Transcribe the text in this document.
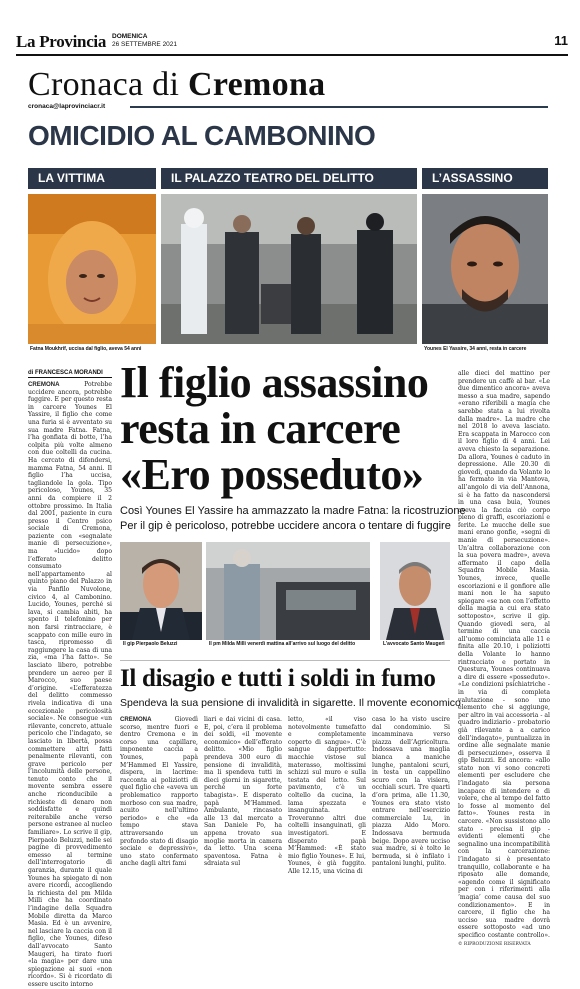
La Provincia DOMENICA
26 SETTEMBRE 2021	11
Cronaca di Cremona
cronaca@laprovinciacr.it
OMICIDIO AL CAMBONINO
LA VITTIMA	IL PALAZZO TEATRO DEL DELITTO	L’ASSASSINO
Fatna Moukhrif, uccisa dal figlio, aveva 54 anni	Younes El Yassire, 34 anni, resta in carcere
di FRANCESCA MORANDI
CREMONA	Potrebbe uccidere ancora, potrebbe fuggire. E per questo resta in carcere Younes El Yassire, il figlio che come una furia si è avventato su sua madre Fatna. Fatna, l’ha gonfiata di botte, l’ha colpita più volte almeno con due coltelli da cucina. Ha cercato di difendersi, mamma Fatna, 54 anni. Il figlio l’ha uccisa, tagliandole la gola. Tipo pericoloso, Younes, 35 anni da compiere il 2 ottobre prossimo. In Italia dal 2001, paziente in cura presso il Centro psico sociale di Cremona, paziente con «segnalate manie di persecuzione», ma «lucido» dopo l’efferato delitto consumato nell’appartamento al quinto piano del Palazzo in via Panfilo Nuvolone, civico 4, al Cambonino. Lucido, Younes, perché si lava, si cambia abiti, ha spento il telefonino per non farsi rintracciare, è scappato con mille euro in tasca, ripromesso di raggiungere la casa di una zia, «ma l’ha fatto». Se lasciato libero, potrebbe prendere un aereo per il Marocco, suo paese d’origine. «L’efferatezza del delitto commesso rivela indicativa di una eccezionale pericolosità sociale». Ne consegue «un rilevante, concreto, attuale pericolo che l’indagato, se lasciato in libertà, possa commettere altri fatti penalmente rilevanti, con grave pericolo per l’incolumità delle persone, tenuto conto che il movente sembra essere anche riconducibile a richieste di denaro non soddisfatte e quindi reiterabile anche verso persone estranee al nucleo familiare». Lo scrive il gip, Pierpaolo Beluzzi, nelle sei pagine di provvedimento emesso al termine dell’interrogatorio di garanzia, durante il quale Younes ha spiegato di non avere ricordi, accogliendo la richiesta del pm Milda Milli che ha coordinato l’indagine della Squadra Mobile diretta da Marco Masia. Ed è un avvenire, nel lasciare la caccia con il figlio, che Younes, difeso dall’avvocato Santo Maugeri, ha tirato fuori «la magia» per dare una spiegazione ai suoi «non ricordo». Si è ricordato di essere uscito intorno
Il figlio assassino
resta in carcere
«Ero posseduto»
Così Younes El Yassire ha ammazzato la madre Fatna: la ricostruzione
Per il gip è pericoloso, potrebbe uccidere ancora o tentare di fuggire
Il gip Pierpaolo Beluzzi	Il pm Milda Milli venerdì mattina all’arrivo sul luogo del delitto	L’avvocato Santo Maugeri
alle dieci del mattino per prendere un caffè al bar. «Le due dimentico ancora» aveva messo a sua madre, sapendo «erano riferibili a magia che sarebbe stata a lui rivolta dalla madre». La madre che nel 2018 lo aveva lasciato. Era scappata in Marocco con il loro figlio di 4 anni. Lei aveva chiesto la separazione. Da allora, Younes è caduto in depressione. Alle 20.30 di giovedì, quando da Volante lo ha fermato in via Mantova, all’angolo di via dell’Annona, si è ha fatto da nascondersi in una casa buia, Younes aveva la faccia ciò corpo pieno di graffi, escoriazioni e ferite. Le mucche delle sue mani erano gonfie, «segni di manie di persecuzione». Un’altra collaborazione con la sua povera madre», aveva affermato il capo della Squadra Mobile Masia. Younes, invece, quelle escoriazioni e il gonfiore alle mani non le ha saputo spiegare «se non con l’effetto della magia a cui era stato sottoposto», scrive il gip. Quando giovedì sera, al termine di una caccia all’uomo cominciata alle 11 e finita alle 20.10, i poliziotti della Volante lo hanno rintracciato e portato in Questura, Younes continuava a dire di essere «posseduto». «Le condizioni psichiatriche - in via di completa valutazione - sono uno elemento che si aggiunge, per altro in vai accessoria - al quadro indiziario - probatorio già rilevante a a carico dell’indagato», puntualizza in ordine alle segnalate manie di persecuzione», osserva il gip Beluzzi. Ed ancora: «allo stato non vi sono concreti elementi per escludere che l’indagato sia persona incapace di intendere e di volere, che al tempo del fatto lo fosse al momento del fatto». Younes resta in carcere. «Non sussistono allo stato - precisa il gip - evidenti elementi che segnalino una incompatibilità con la carcerazione: l’indagato si è presentato tranquillo, collaborante e ha riposato alle domande, «agendo come il significato per con i riferimenti alla ’magia’ come causa del suo condizionamento». E in carcere, il figlio che ha ucciso sua madre dovrà essere sottoposto «ad uno specifico costante controllo». © RIPRODUZIONE RISERVATA
Il disagio e tutti i soldi in fumo
Spendeva la sua pensione di invalidità in sigarette. Il movente economico
CREMONA	Giovedì scorso, mentre fuori e dentro Cremona e in corso una capillare, imponente caccia a Younes, papà M’Hammed El Yassire, dispera, in lacrime: racconta ai poliziotti di quel figlio che «aveva un problematico rapporto morboso con sua madre, acuito nell’ultimo periodo» e che «da tempo stava attraversando un profondo stato di disagio sociale e depressivo», uno stato confermato anche dagli altri fami
liari e dai vicini di casa. E, poi, c’era il problema dei soldi, «il movente economico» dell’efferato delitto. «Mio figlio prendeva 300 euro di pensione di invalidità, ma li spendeva tutti in dieci giorni in sigarette, perché un forte tabagista». E disperato papà M’Hammed. Ambulante, rincasato alle 13 dal mercato a San Daniele Po, ha appena trovato sua moglie morta in camera da letto. Una scena spaventosa. Fatna è sdraiata sul
letto, «il viso notevolmente tumefatto e completamente coperto di sangue». C’è sangue dappertutto: macchie vistose sul materasso, moltissimi schizzi sul muro e sulla testata del letto. Sul pavimento, c’è un coltello da cucina, la lama spezzata e insanguinata. Troveranno altri due coltelli insanguinati, gli investigatori. E disperato papà M’Hammed: «È stato mio figlio Younes». E lui, Younes, è già fuggito. Alle 12.15, una vicina di
casa lo ha visto uscire dal condominio. Si incamminava verso piazza dell’Agricoltura. Indossava una maglia bianca a maniche lunghe, pantaloni scuri, in testa un cappellino scuro con la visiera, occhiali scuri. Tre quarti d’ora prima, alle 11.30, Younes era stato visto entrare nell’esercizio commerciale Lu, in piazza Aldo Moro. Indossava bermuda beige. Dopo avere ucciso sua madre, si è tolto le bermuda, si è infilato i pantaloni lunghi, pulito.
